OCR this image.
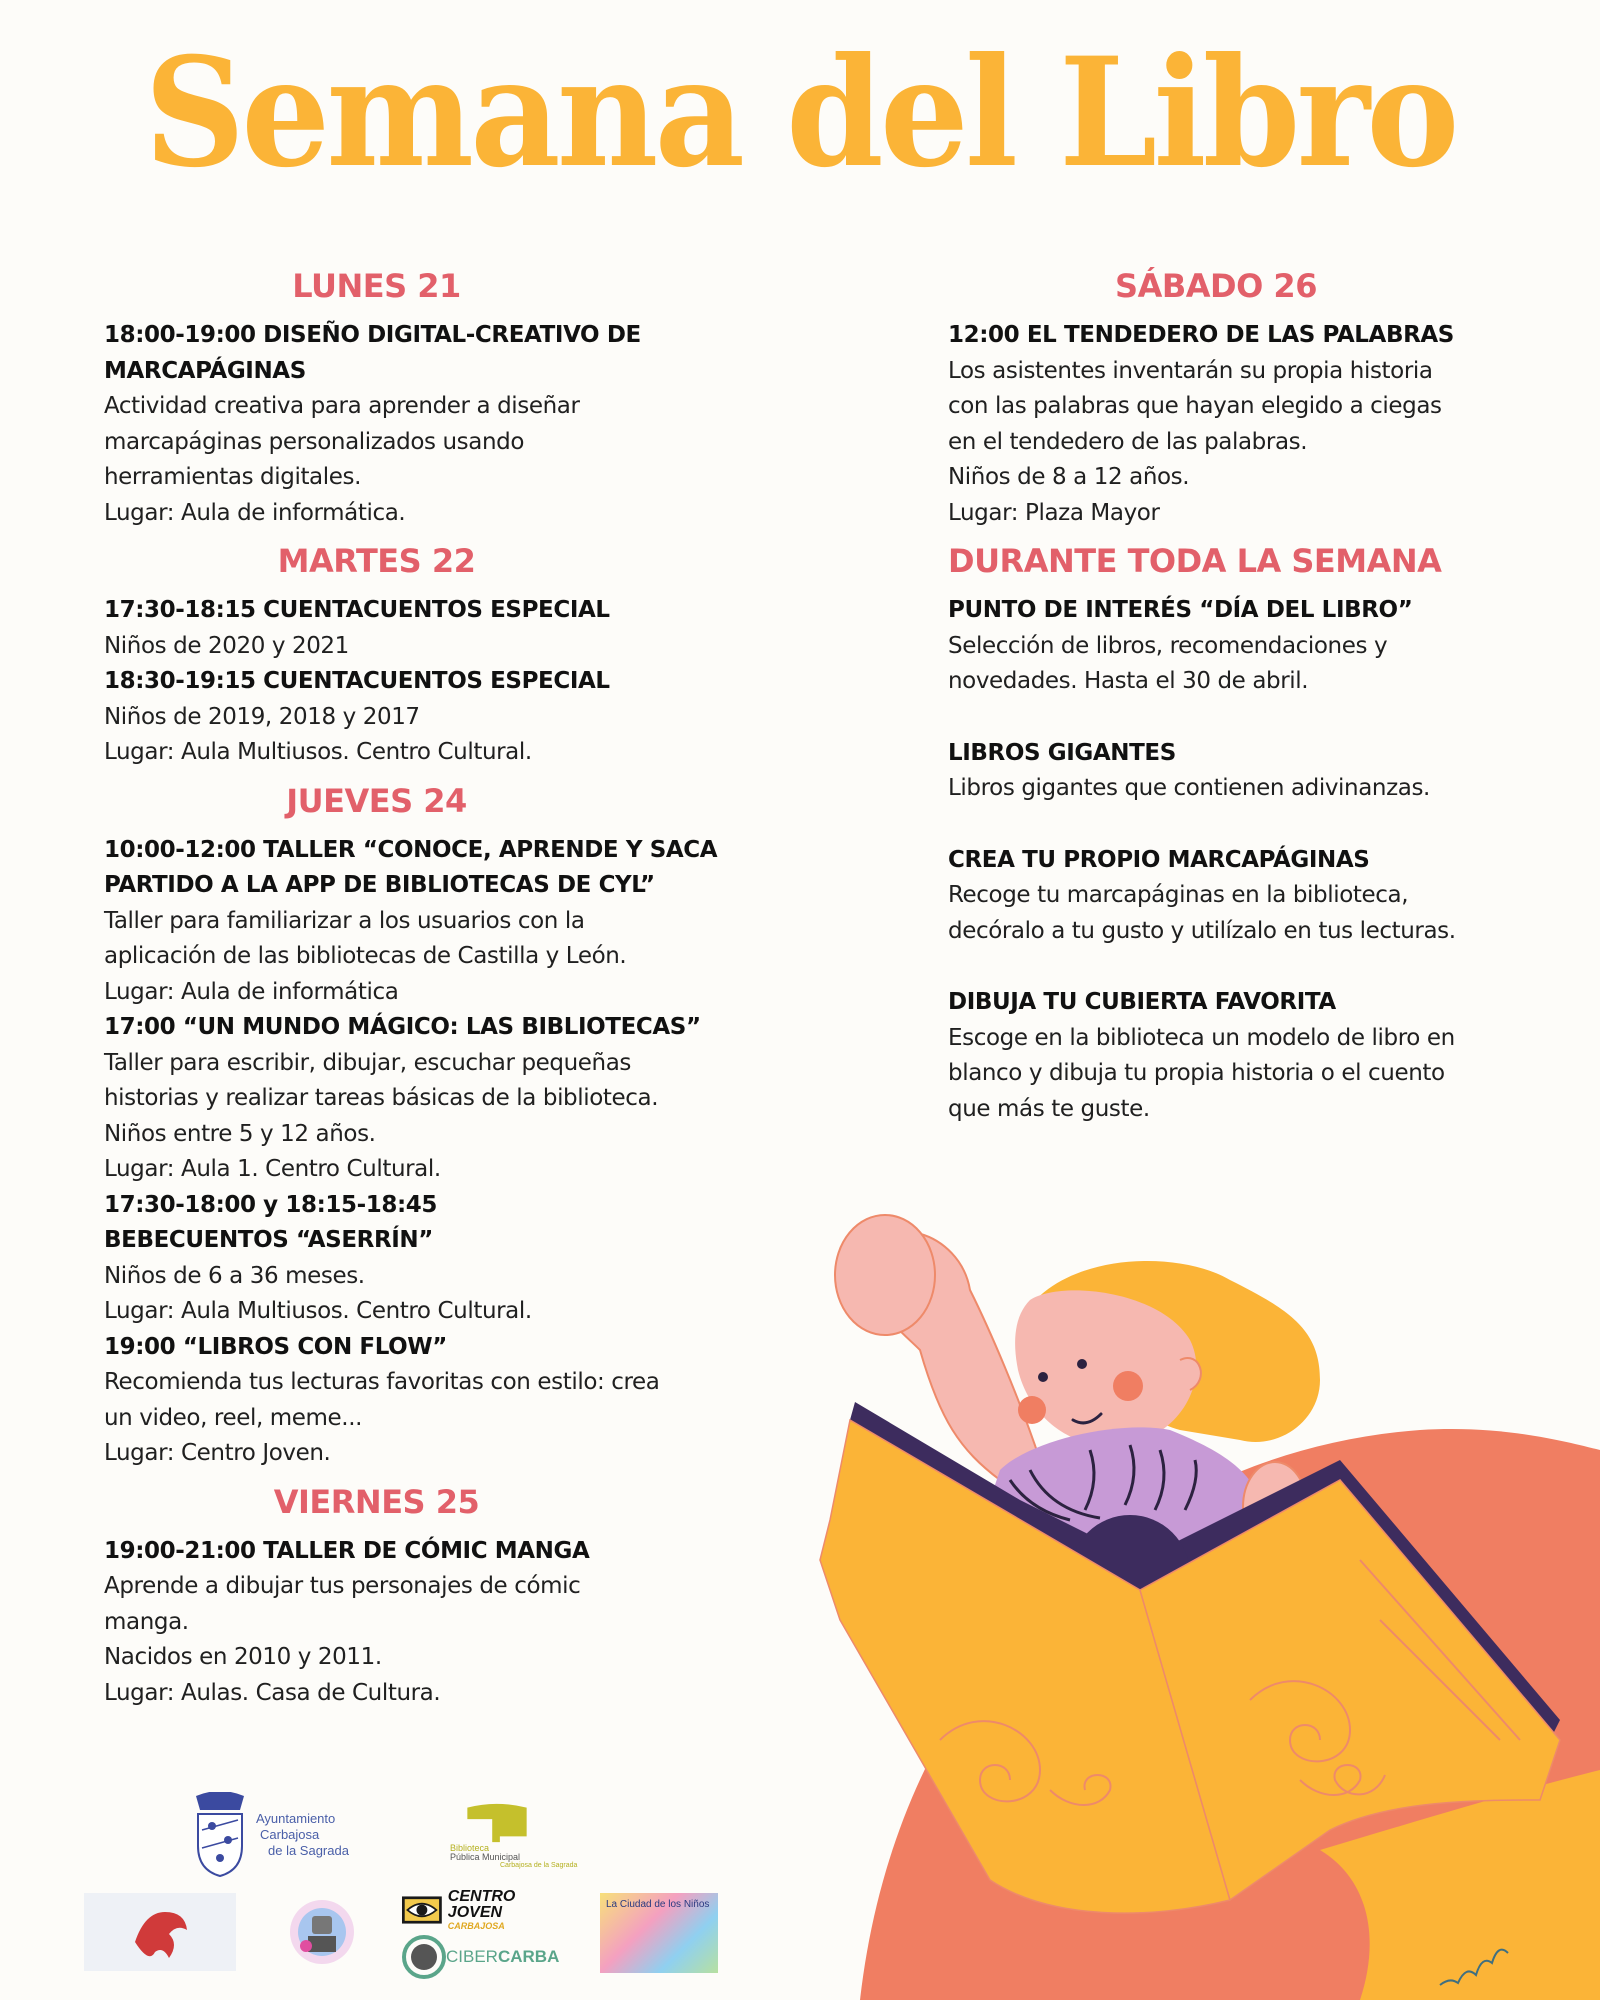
Semana del Libro
LUNES 21
18:00-19:00 DISEÑO DIGITAL-CREATIVO DE
MARCAPÁGINAS
Actividad creativa para aprender a diseñar
marcapáginas personalizados usando
herramientas digitales.
Lugar: Aula de informática.
MARTES 22
17:30-18:15 CUENTACUENTOS ESPECIAL
Niños de 2020 y 2021
18:30-19:15 CUENTACUENTOS ESPECIAL
Niños de 2019, 2018 y 2017
Lugar: Aula Multiusos. Centro Cultural.
JUEVES 24
10:00-12:00 TALLER “CONOCE, APRENDE Y SACA
PARTIDO A LA APP DE BIBLIOTECAS DE CYL”
Taller para familiarizar a los usuarios con la
aplicación de las bibliotecas de Castilla y León.
Lugar: Aula de informática
17:00 “UN MUNDO MÁGICO: LAS BIBLIOTECAS”
Taller para escribir, dibujar, escuchar pequeñas
historias y realizar tareas básicas de la biblioteca.
Niños entre 5 y 12 años.
Lugar: Aula 1. Centro Cultural.
17:30-18:00 y 18:15-18:45
BEBECUENTOS “ASERRÍN”
Niños de 6 a 36 meses.
Lugar: Aula Multiusos. Centro Cultural.
19:00 “LIBROS CON FLOW”
Recomienda tus lecturas favoritas con estilo: crea
un video, reel, meme...
Lugar: Centro Joven.
VIERNES 25
19:00-21:00 TALLER DE CÓMIC MANGA
Aprende a dibujar tus personajes de cómic
manga.
Nacidos en 2010 y 2011.
Lugar: Aulas. Casa de Cultura.
SÁBADO 26
12:00 EL TENDEDERO DE LAS PALABRAS
Los asistentes inventarán su propia historia
con las palabras que hayan elegido a ciegas
en el tendedero de las palabras.
Niños de 8 a 12 años.
Lugar: Plaza Mayor
DURANTE TODA LA SEMANA
PUNTO DE INTERÉS “DÍA DEL LIBRO”
Selección de libros, recomendaciones y
novedades. Hasta el 30 de abril.
LIBROS GIGANTES
Libros gigantes que contienen adivinanzas.
CREA TU PROPIO MARCAPÁGINAS
Recoge tu marcapáginas en la biblioteca,
decóralo a tu gusto y utilízalo en tus lecturas.
DIBUJA TU CUBIERTA FAVORITA
Escoge en la biblioteca un modelo de libro en
blanco y dibuja tu propia historia o el cuento
que más te guste.
Ayuntamiento
Carbajosa
de la Sagrada	Biblioteca
Pública Municipal
Carbajosa de la Sagrada
CENTRO JOVEN
CARBAJOSA
CIBER CARBA
La Ciudad de los Niños
